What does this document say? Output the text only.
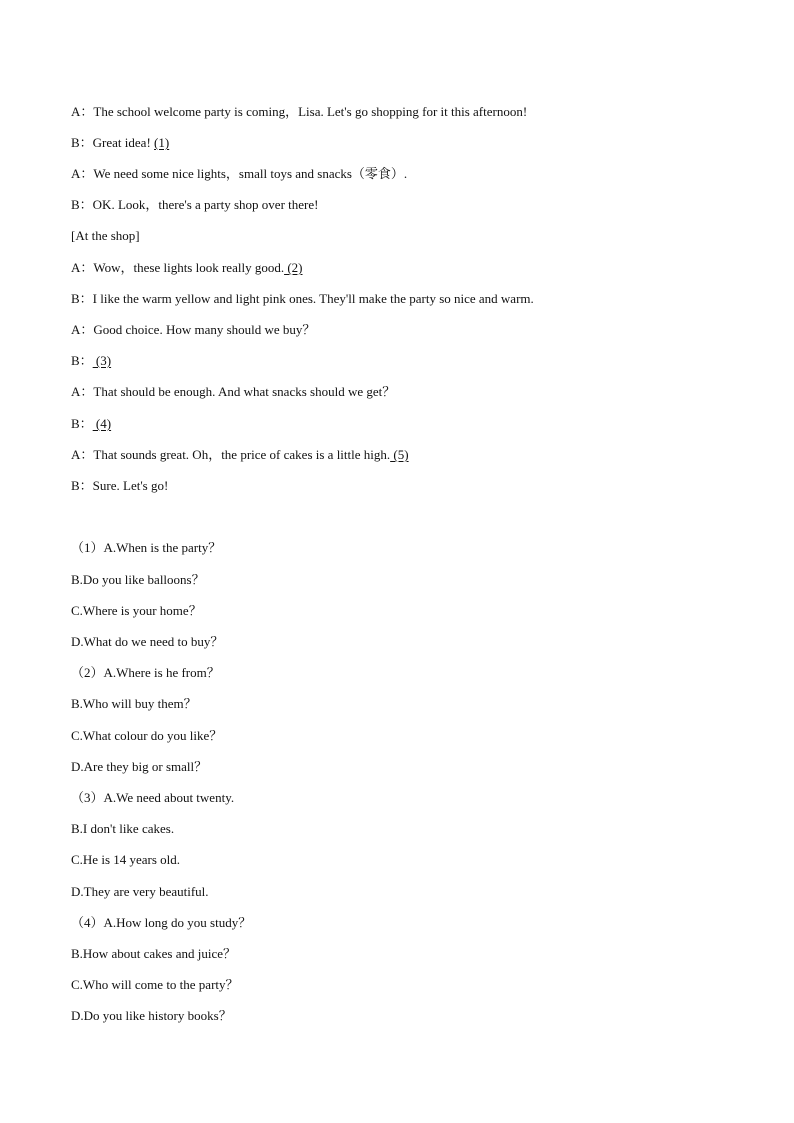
A：The school welcome party is coming，Lisa. Let's go shopping for it this afternoon!
B：Great idea! (1)
A：We need some nice lights，small toys and snacks（零食）.
B：OK. Look，there's a party shop over there!
[At the shop]
A：Wow，these lights look really good. (2)
B：I like the warm yellow and light pink ones. They'll make the party so nice and warm.
A：Good choice. How many should we buy？
B： (3)
A：That should be enough. And what snacks should we get？
B： (4)
A：That sounds great. Oh，the price of cakes is a little high. (5)
B：Sure. Let's go!
（1）A.When is the party？
B.Do you like balloons？
C.Where is your home？
D.What do we need to buy？
（2）A.Where is he from？
B.Who will buy them？
C.What colour do you like？
D.Are they big or small？
（3）A.We need about twenty.
B.I don't like cakes.
C.He is 14 years old.
D.They are very beautiful.
（4）A.How long do you study？
B.How about cakes and juice？
C.Who will come to the party？
D.Do you like history books？
